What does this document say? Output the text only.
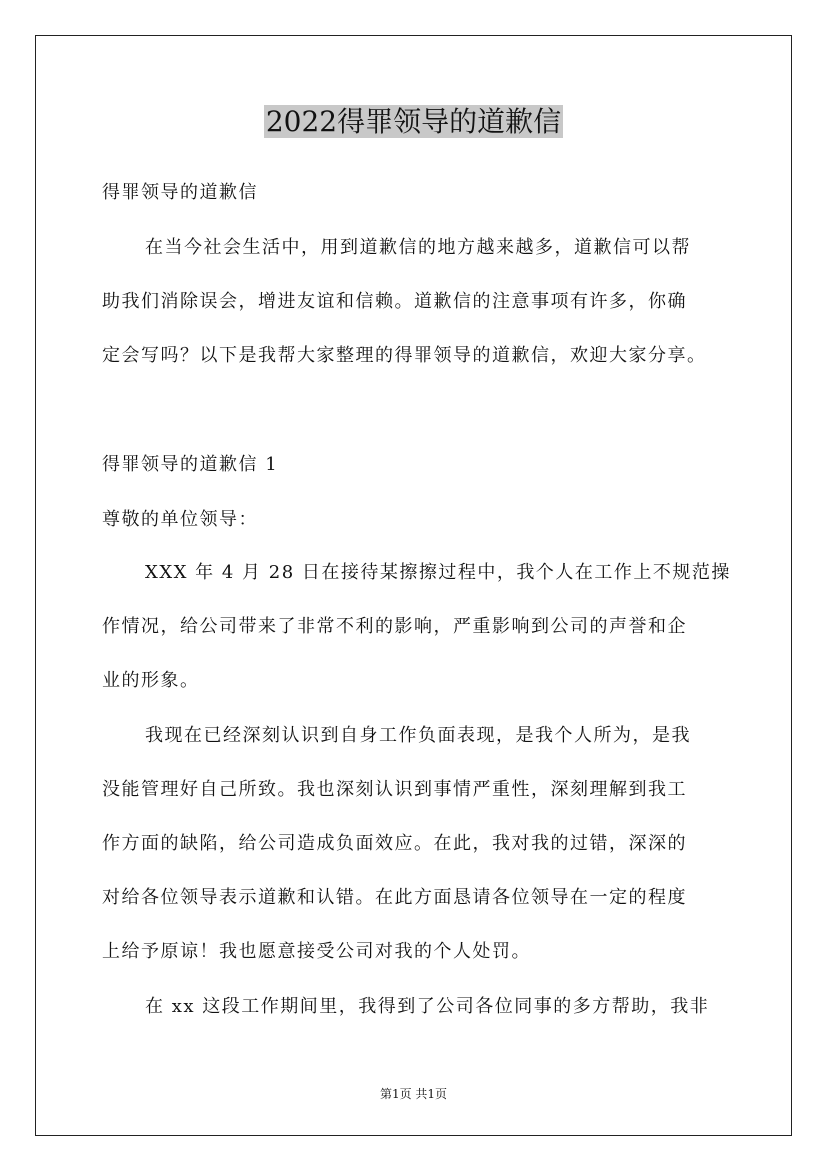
2022得罪领导的道歉信
得罪领导的道歉信
在当今社会生活中，用到道歉信的地方越来越多，道歉信可以帮
助我们消除误会，增进友谊和信赖。道歉信的注意事项有许多，你确
定会写吗？以下是我帮大家整理的得罪领导的道歉信，欢迎大家分享。
得罪领导的道歉信 1
尊敬的单位领导：
XXX 年 4 月 28 日在接待某擦擦过程中，我个人在工作上不规范操
作情况，给公司带来了非常不利的影响，严重影响到公司的声誉和企
业的形象。
我现在已经深刻认识到自身工作负面表现，是我个人所为，是我
没能管理好自己所致。我也深刻认识到事情严重性，深刻理解到我工
作方面的缺陷，给公司造成负面效应。在此，我对我的过错，深深的
对给各位领导表示道歉和认错。在此方面恳请各位领导在一定的程度
上给予原谅！我也愿意接受公司对我的个人处罚。
在 xx 这段工作期间里，我得到了公司各位同事的多方帮助，我非
第1页 共1页
